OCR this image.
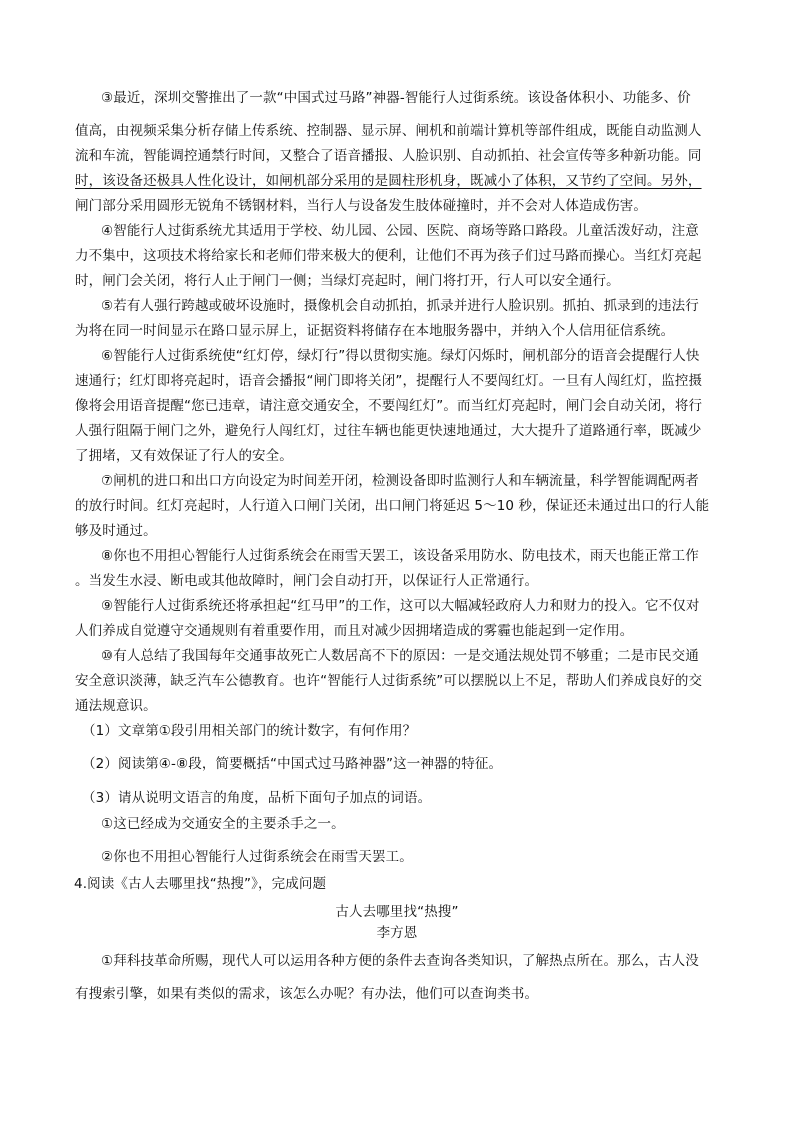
③最近，深圳交警推出了一款“中国式过马路”神器-智能行人过街系统。该设备体积小、功能多、价
值高，由视频采集分析存储上传系统、控制器、显示屏、闸机和前端计算机等部件组成，既能自动监测人
流和车流，智能调控通禁行时间，又整合了语音播报、人脸识别、自动抓拍、社会宣传等多种新功能。同
时，该设备还极具人性化设计，如闸机部分采用的是圆柱形机身，既减小了体积，又节约了空间。另外，
闸门部分采用圆形无锐角不锈钢材料，当行人与设备发生肢体碰撞时，并不会对人体造成伤害。
④智能行人过街系统尤其适用于学校、幼儿园、公园、医院、商场等路口路段。儿童活泼好动，注意
力不集中，这项技术将给家长和老师们带来极大的便利，让他们不再为孩子们过马路而操心。当红灯亮起
时，闸门会关闭，将行人止于闸门一侧；当绿灯亮起时，闸门将打开，行人可以安全通行。
⑤若有人强行跨越或破坏设施时，摄像机会自动抓拍，抓录并进行人脸识别。抓拍、抓录到的违法行
为将在同一时间显示在路口显示屏上，证据资料将储存在本地服务器中，并纳入个人信用征信系统。
⑥智能行人过街系统使“红灯停，绿灯行”得以贯彻实施。绿灯闪烁时，闸机部分的语音会提醒行人快
速通行；红灯即将亮起时，语音会播报“闸门即将关闭”，提醒行人不要闯红灯。一旦有人闯红灯，监控摄
像将会用语音提醒“您已违章，请注意交通安全，不要闯红灯”。而当红灯亮起时，闸门会自动关闭，将行
人强行阻隔于闸门之外，避免行人闯红灯，过往车辆也能更快速地通过，大大提升了道路通行率，既减少
了拥堵，又有效保证了行人的安全。
⑦闸机的进口和出口方向设定为时间差开闭，检测设备即时监测行人和车辆流量，科学智能调配两者
的放行时间。红灯亮起时，人行道入口闸门关闭，出口闸门将延迟 5～10 秒，保证还未通过出口的行人能
够及时通过。
⑧你也不用担心智能行人过街系统会在雨雪天罢工，该设备采用防水、防电技术，雨天也能正常工作
。当发生水浸、断电或其他故障时，闸门会自动打开，以保证行人正常通行。
⑨智能行人过街系统还将承担起“红马甲”的工作，这可以大幅减轻政府人力和财力的投入。它不仅对
人们养成自觉遵守交通规则有着重要作用，而且对减少因拥堵造成的雾霾也能起到一定作用。
⑩有人总结了我国每年交通事故死亡人数居高不下的原因：一是交通法规处罚不够重；二是市民交通
安全意识淡薄，缺乏汽车公德教育。也许“智能行人过街系统”可以摆脱以上不足，帮助人们养成良好的交
通法规意识。
（1）文章第①段引用相关部门的统计数字，有何作用？
（2）阅读第④-⑧段，简要概括“中国式过马路神器”这一神器的特征。
（3）请从说明文语言的角度，品析下面句子加点的词语。
①这已经成为交通安全的主要杀手之一。
②你也不用担心智能行人过街系统会在雨雪天罢工。
4.阅读《古人去哪里找“热搜”》，完成问题
古人去哪里找“热搜”
李方恩
①拜科技革命所赐，现代人可以运用各种方便的条件去查询各类知识，了解热点所在。那么，古人没
有搜索引擎，如果有类似的需求，该怎么办呢？有办法，他们可以查询类书。
